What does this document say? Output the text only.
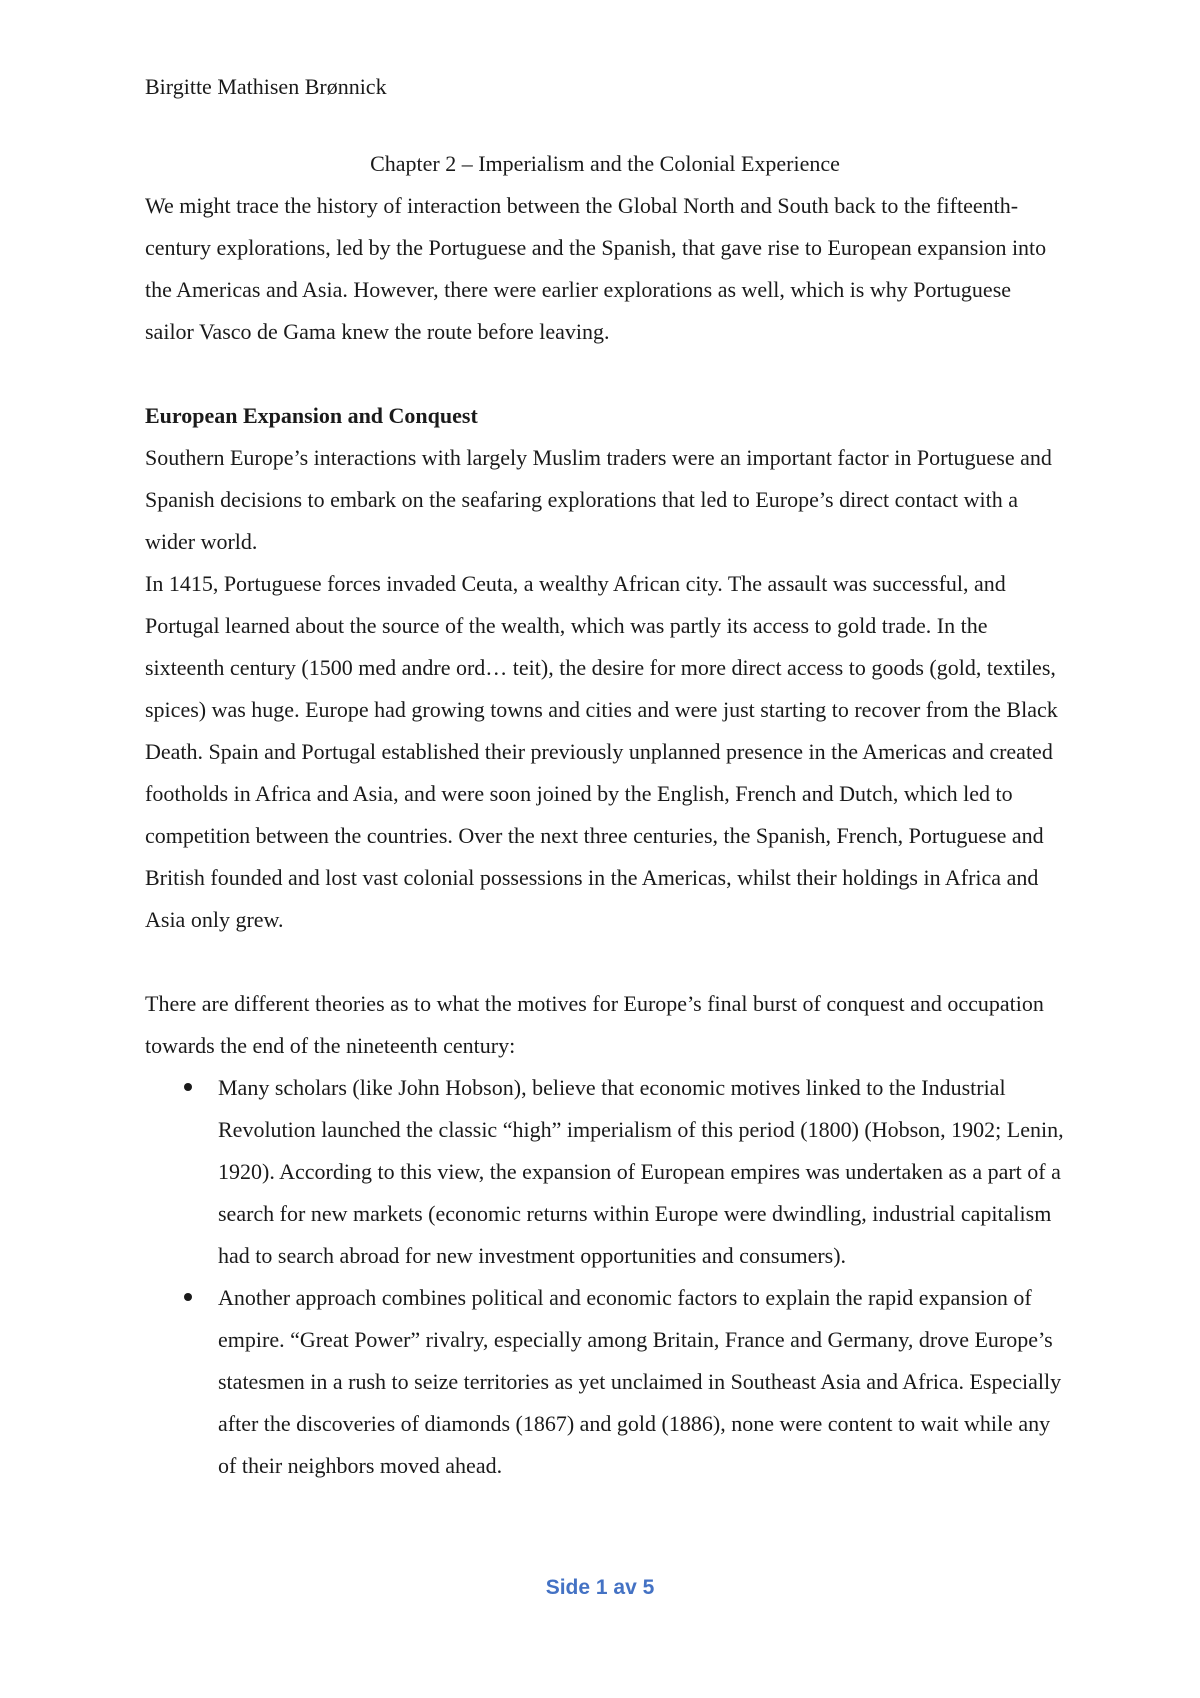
Birgitte Mathisen Brønnick
Chapter 2 – Imperialism and the Colonial Experience

We might trace the history of interaction between the Global North and South back to the fifteenth-century explorations, led by the Portuguese and the Spanish, that gave rise to European expansion into the Americas and Asia. However, there were earlier explorations as well, which is why Portuguese sailor Vasco de Gama knew the route before leaving.

European Expansion and Conquest

Southern Europe’s interactions with largely Muslim traders were an important factor in Portuguese and Spanish decisions to embark on the seafaring explorations that led to Europe’s direct contact with a wider world.

In 1415, Portuguese forces invaded Ceuta, a wealthy African city. The assault was successful, and Portugal learned about the source of the wealth, which was partly its access to gold trade. In the sixteenth century (1500 med andre ord… teit), the desire for more direct access to goods (gold, textiles, spices) was huge. Europe had growing towns and cities and were just starting to recover from the Black Death. Spain and Portugal established their previously unplanned presence in the Americas and created footholds in Africa and Asia, and were soon joined by the English, French and Dutch, which led to competition between the countries. Over the next three centuries, the Spanish, French, Portuguese and British founded and lost vast colonial possessions in the Americas, whilst their holdings in Africa and Asia only grew.

There are different theories as to what the motives for Europe’s final burst of conquest and occupation towards the end of the nineteenth century:

Many scholars (like John Hobson), believe that economic motives linked to the Industrial Revolution launched the classic “high” imperialism of this period (1800) (Hobson, 1902; Lenin, 1920). According to this view, the expansion of European empires was undertaken as a part of a search for new markets (economic returns within Europe were dwindling, industrial capitalism had to search abroad for new investment opportunities and consumers).
Another approach combines political and economic factors to explain the rapid expansion of empire. “Great Power” rivalry, especially among Britain, France and Germany, drove Europe’s statesmen in a rush to seize territories as yet unclaimed in Southeast Asia and Africa. Especially after the discoveries of diamonds (1867) and gold (1886), none were content to wait while any of their neighbors moved ahead.
Side 1 av 5
